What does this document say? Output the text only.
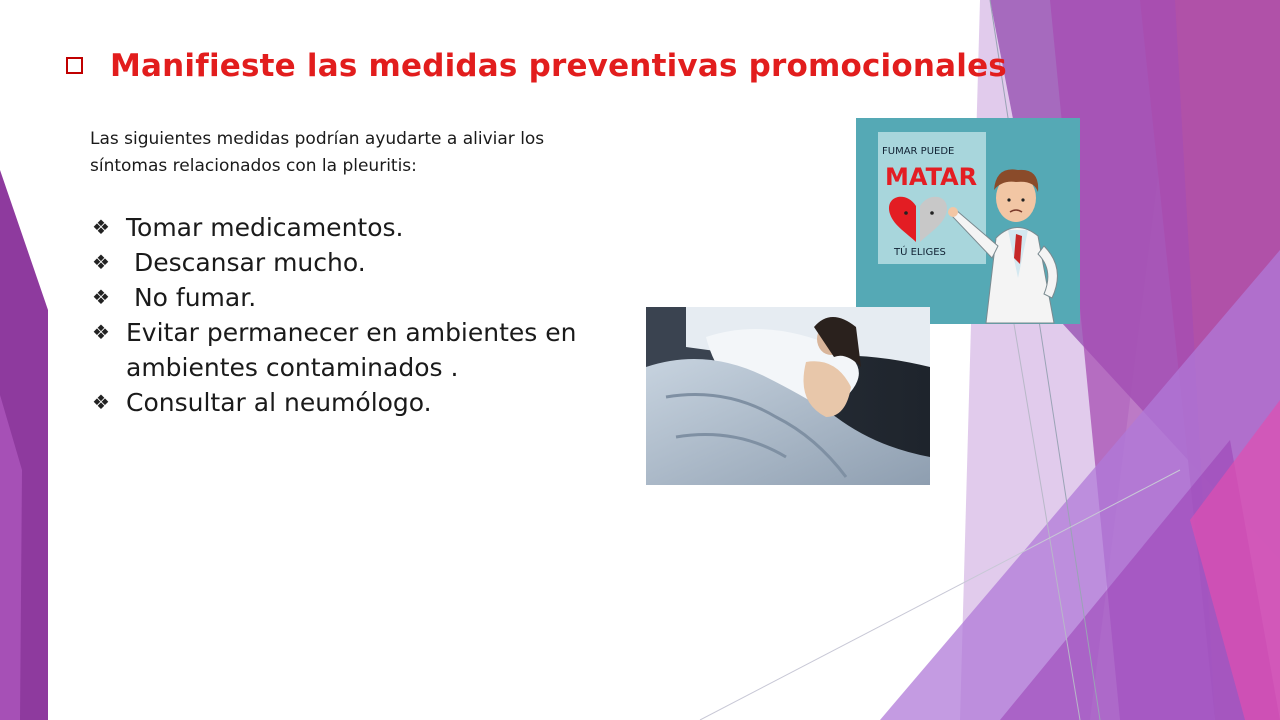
Manifieste las medidas preventivas promocionales
Las siguientes medidas podrían ayudarte a aliviar los
síntomas relacionados con la pleuritis:
❖ Tomar medicamentos.
❖ Descansar mucho.
❖ No fumar.
❖ Evitar permanecer en ambientes en
ambientes contaminados .
❖ Consultar al neumólogo.
FUMAR PUEDE
MATAR
TÚ ELIGES
